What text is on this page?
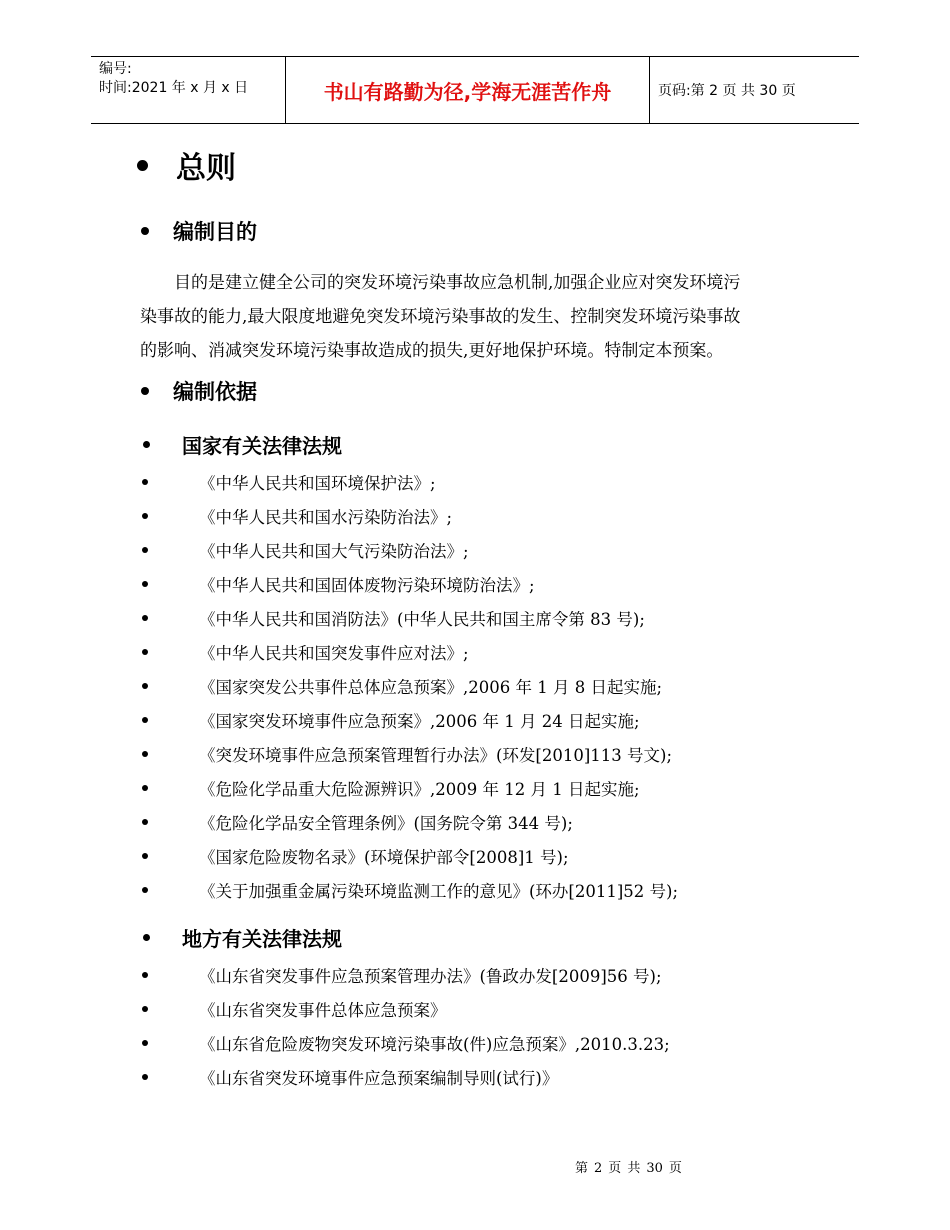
编号:
时间:2021 年 x 月 x 日	书山有路勤为径,学海无涯苦作舟	页码:第 2 页 共 30 页
总则
编制目的
目的是建立健全公司的突发环境污染事故应急机制,加强企业应对突发环境污
染事故的能力,最大限度地避免突发环境污染事故的发生、控制突发环境污染事故
的影响、消减突发环境污染事故造成的损失,更好地保护环境。特制定本预案。
编制依据
国家有关法律法规
《中华人民共和国环境保护法》;
《中华人民共和国水污染防治法》;
《中华人民共和国大气污染防治法》;
《中华人民共和国固体废物污染环境防治法》;
《中华人民共和国消防法》(中华人民共和国主席令第 83 号);
《中华人民共和国突发事件应对法》;
《国家突发公共事件总体应急预案》,2006 年 1 月 8 日起实施;
《国家突发环境事件应急预案》,2006 年 1 月 24 日起实施;
《突发环境事件应急预案管理暂行办法》(环发[2010]113 号文);
《危险化学品重大危险源辨识》,2009 年 12 月 1 日起实施;
《危险化学品安全管理条例》(国务院令第 344 号);
《国家危险废物名录》(环境保护部令[2008]1 号);
《关于加强重金属污染环境监测工作的意见》(环办[2011]52 号);
地方有关法律法规
《山东省突发事件应急预案管理办法》(鲁政办发[2009]56 号);
《山东省突发事件总体应急预案》
《山东省危险废物突发环境污染事故(件)应急预案》,2010.3.23;
《山东省突发环境事件应急预案编制导则(试行)》
第 2 页 共 30 页
